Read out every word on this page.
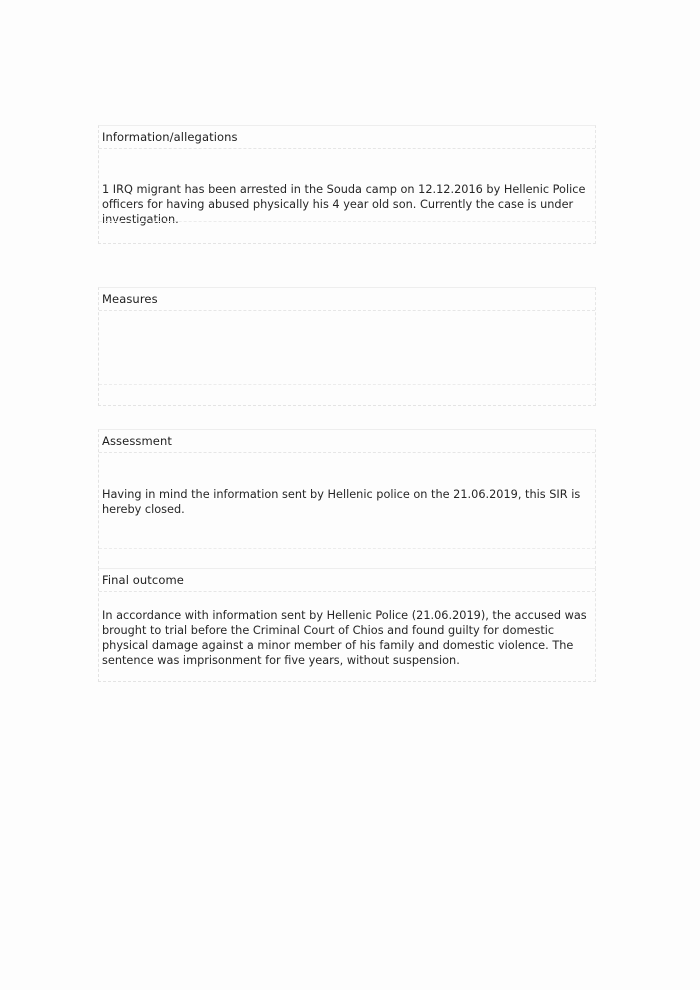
Information/allegations

1 IRQ migrant has been arrested in the Souda camp on 12.12.2016 by Hellenic Police officers for having abused physically his 4 year old son. Currently the case is under investigation.

Measures

Assessment

Having in mind the information sent by Hellenic police on the 21.06.2019, this SIR is hereby closed.

Final outcome

In accordance with information sent by Hellenic Police (21.06.2019), the accused was brought to trial before the Criminal Court of Chios and found guilty for domestic physical damage against a minor member of his family and domestic violence. The sentence was imprisonment for five years, without suspension.
